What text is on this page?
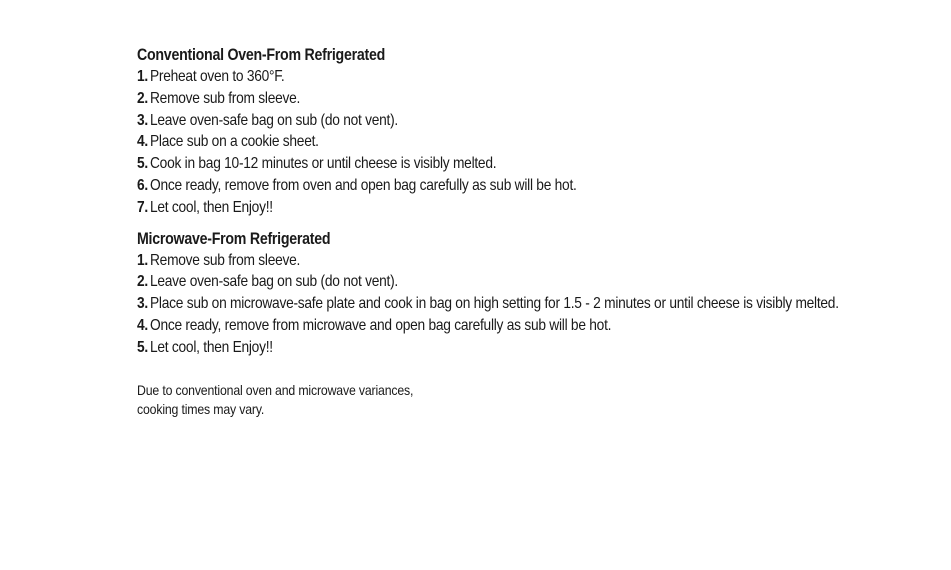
Conventional Oven-From Refrigerated
1. Preheat oven to 360°F.
2. Remove sub from sleeve.
3. Leave oven-safe bag on sub (do not vent).
4. Place sub on a cookie sheet.
5. Cook in bag 10-12 minutes or until cheese is visibly melted.
6. Once ready, remove from oven and open bag carefully as sub will be hot.
7. Let cool, then Enjoy!!
Microwave-From Refrigerated
1. Remove sub from sleeve.
2. Leave oven-safe bag on sub (do not vent).
3. Place sub on microwave-safe plate and cook in bag on high setting for 1.5 - 2 minutes or until cheese is visibly melted.
4. Once ready, remove from microwave and open bag carefully as sub will be hot.
5. Let cool, then Enjoy!!
Due to conventional oven and microwave variances,
cooking times may vary.
